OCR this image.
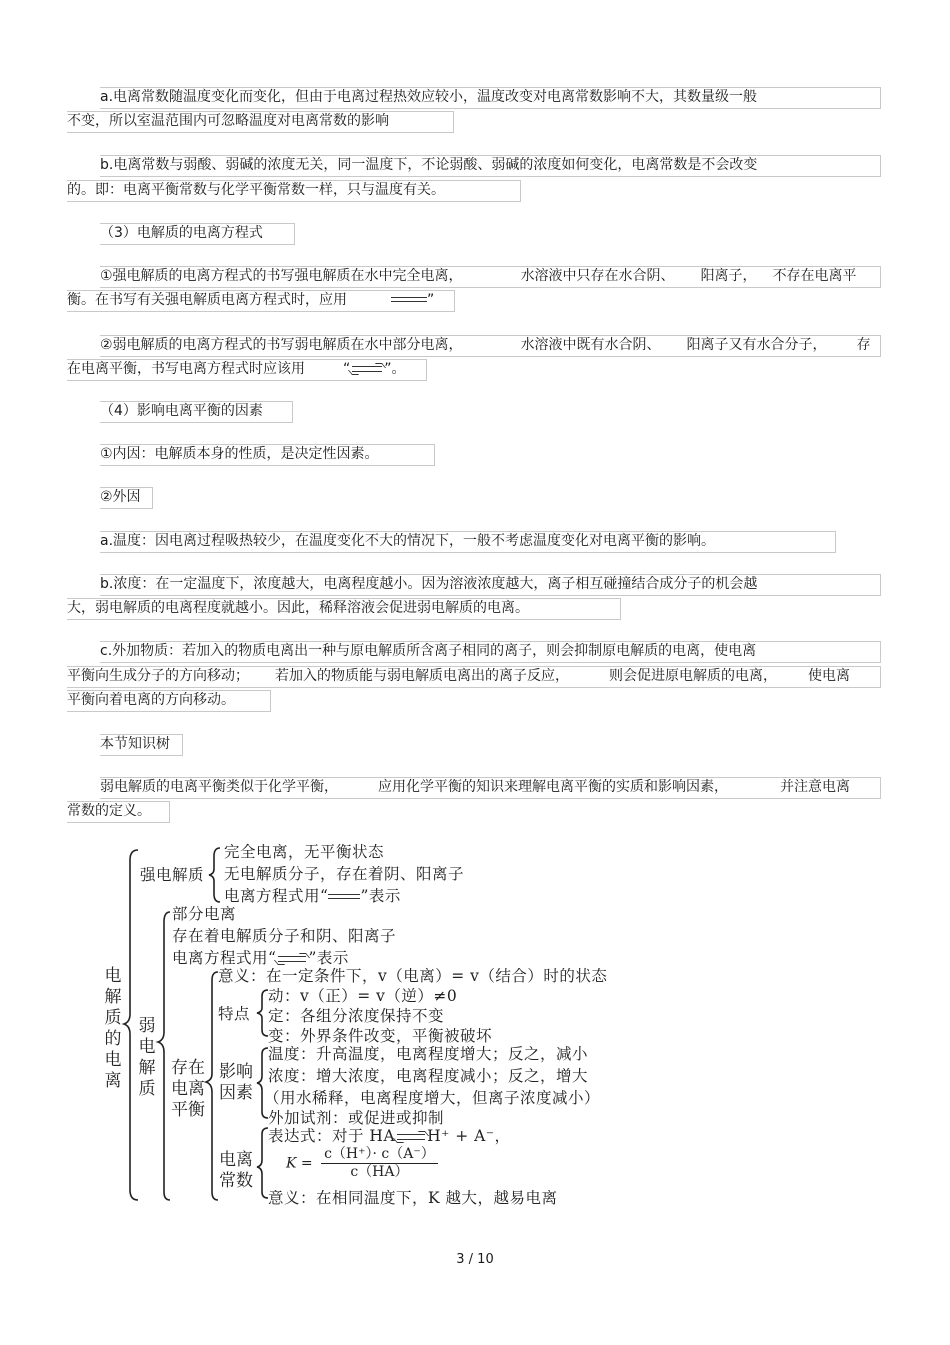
a.电离常数随温度变化而变化，但由于电离过程热效应较小，温度改变对电离常数影响不大，其数量级一般
不变，所以室温范围内可忽略温度对电离常数的影响
b.电离常数与弱酸、弱碱的浓度无关，同一温度下，不论弱酸、弱碱的浓度如何变化，电离常数是不会改变
的。即：电离平衡常数与化学平衡常数一样，只与温度有关。
（3）电解质的电离方程式
①强电解质的电离方程式的书写强电解质在水中完全电离，	水溶液中只存在水合阴、 阳离子， 不存在电离平
衡。在书写有关强电解质电离方程式时，应用	”
②弱电解质的电离方程式的书写弱电解质在水中部分电离，	水溶液中既有水合阴、 阳离子又有水合分子， 存
在电离平衡，书写电离方程式时应该用	“→”。
（4）影响电离平衡的因素
①内因：电解质本身的性质，是决定性因素。
②外因
a.温度：因电离过程吸热较少，在温度变化不大的情况下，一般不考虑温度变化对电离平衡的影响。
b.浓度：在一定温度下，浓度越大，电离程度越小。因为溶液浓度越大，离子相互碰撞结合成分子的机会越
大，弱电解质的电离程度就越小。因此，稀释溶液会促进弱电解质的电离。
c.外加物质：若加入的物质电离出一种与原电解质所含离子相同的离子，则会抑制原电解质的电离，使电离
平衡向生成分子的方向移动； 若加入的物质能与弱电解质电离出的离子反应，	则会促进原电解质的电离， 使电离
平衡向着电离的方向移动。
本节知识树
弱电解质的电离平衡类似于化学平衡，	应用化学平衡的知识来理解电离平衡的实质和影响因素，	并注意电离
常数的定义。
电解质的电离
强电解质
完全电离，无平衡状态
无电解质分子，存在着阴、阳离子
电离方程式用“ ”表示
弱电解质
部分电离
存在着电解质分子和阴、阳离子
电离方程式用“→”表示
存在电离平衡
意义：在一定条件下，v（电离）= v（结合）时的状态
特点
动：v（正）= v（逆）≠0
定：各组分浓度保持不变
变：外界条件改变，平衡被破坏
影响因素
温度：升高温度，电离程度增大；反之，减小
浓度：增大浓度，电离程度减小；反之，增大
（用水稀释，电离程度增大，但离子浓度减小）
外加试剂：或促进或抑制
电离常数
表达式：对于 HA→H⁺ + A⁻，
$K = \frac{c(H^+)\cdot c(A^-)}{c(HA)}$
意义：在相同温度下，K 越大，越易电离
3 / 10
